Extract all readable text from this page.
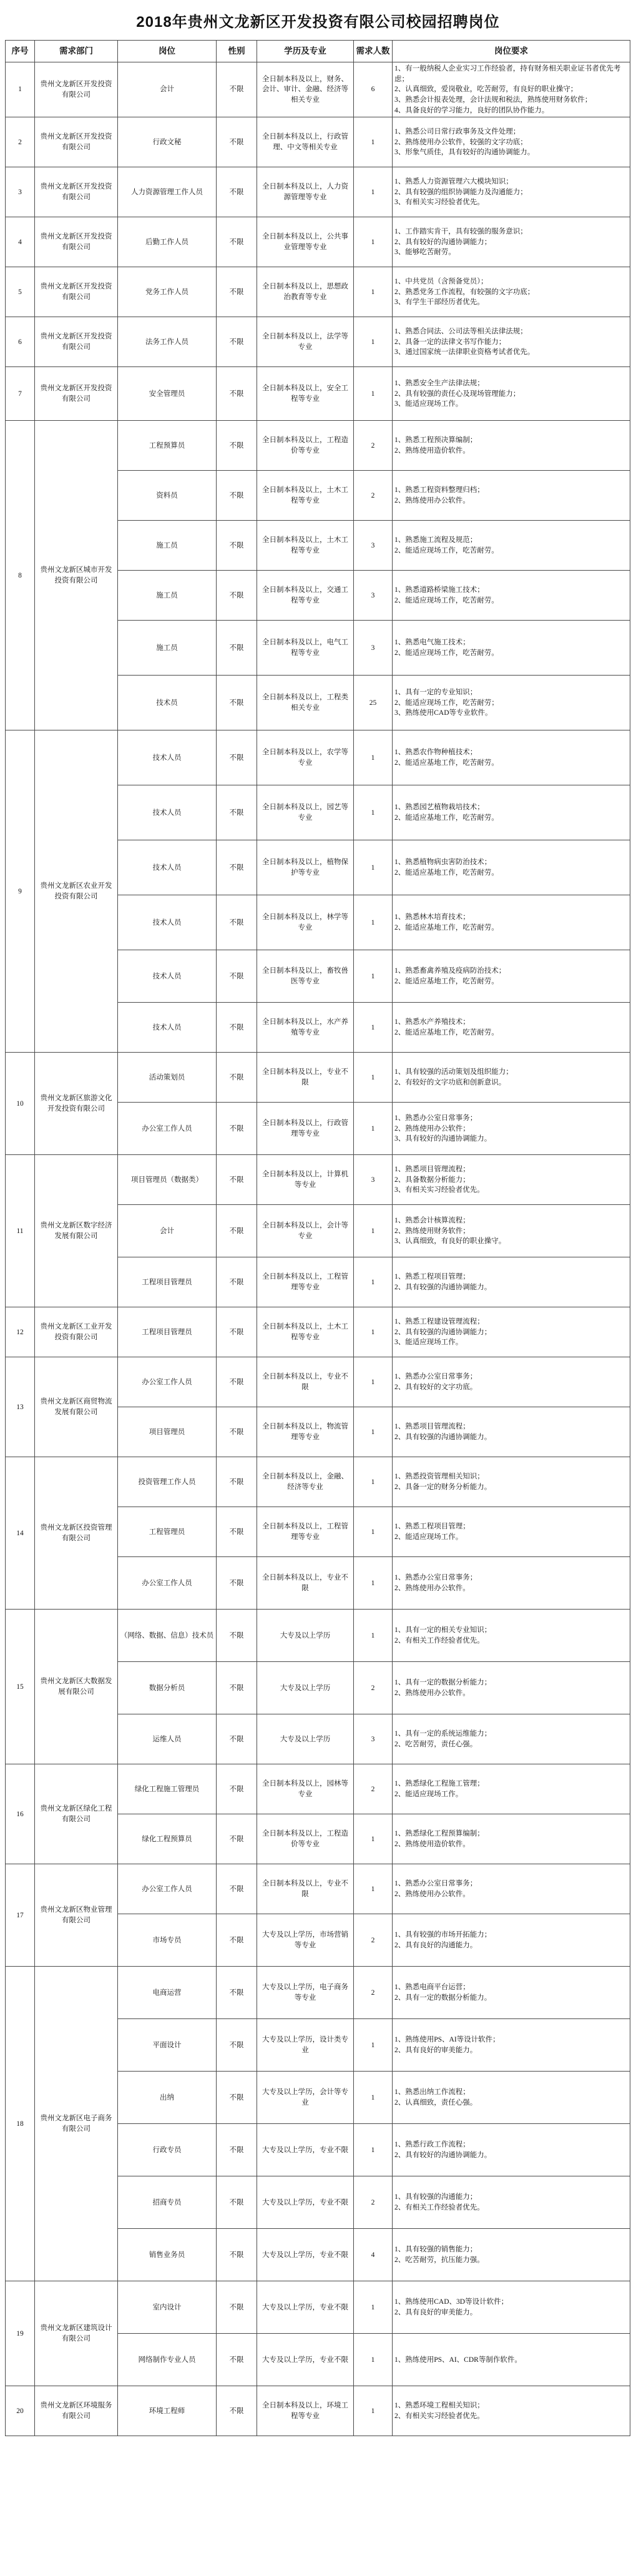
2018年贵州文龙新区开发投资有限公司校园招聘岗位
序号	需求部门	岗位	性别	学历及专业	需求人数	岗位要求
1	贵州文龙新区开发投资有限公司	会计	不限	全日制本科及以上，财务、会计、审计、金融、经济等相关专业	6	1、有一般纳税人企业实习工作经验者，持有财务相关职业证书者优先考虑；
2、认真细致，爱岗敬业，吃苦耐劳，有良好的职业操守；
3、熟悉会计报表处理，会计法规和税法，熟练使用财务软件；
4、具备良好的学习能力，良好的团队协作能力。
2	贵州文龙新区开发投资有限公司	行政文秘	不限	全日制本科及以上，行政管理、中文等相关专业	1	1、熟悉公司日常行政事务及文件处理；
2、熟练使用办公软件，较强的文字功底；
3、形象气质佳，具有较好的沟通协调能力。
3	贵州文龙新区开发投资有限公司	人力资源管理工作人员	不限	全日制本科及以上，人力资源管理等专业	1	1、熟悉人力资源管理六大模块知识；
2、具有较强的组织协调能力及沟通能力；
3、有相关实习经验者优先。
4	贵州文龙新区开发投资有限公司	后勤工作人员	不限	全日制本科及以上，公共事业管理等专业	1	1、工作踏实肯干，具有较强的服务意识；
2、具有较好的沟通协调能力；
3、能够吃苦耐劳。
5	贵州文龙新区开发投资有限公司	党务工作人员	不限	全日制本科及以上，思想政治教育等专业	1	1、中共党员（含预备党员）；
2、熟悉党务工作流程，有较强的文字功底；
3、有学生干部经历者优先。
6	贵州文龙新区开发投资有限公司	法务工作人员	不限	全日制本科及以上，法学等专业	1	1、熟悉合同法、公司法等相关法律法规；
2、具备一定的法律文书写作能力；
3、通过国家统一法律职业资格考试者优先。
7	贵州文龙新区开发投资有限公司	安全管理员	不限	全日制本科及以上，安全工程等专业	1	1、熟悉安全生产法律法规；
2、具有较强的责任心及现场管理能力；
3、能适应现场工作。
8	贵州文龙新区城市开发投资有限公司	工程预算员	不限	全日制本科及以上，工程造价等专业	2	1、熟悉工程预决算编制；
2、熟练使用造价软件。
		资料员	不限	全日制本科及以上，土木工程等专业	2	1、熟悉工程资料整理归档；
2、熟练使用办公软件。
		施工员	不限	全日制本科及以上，土木工程等专业	3	1、熟悉施工流程及规范；
2、能适应现场工作，吃苦耐劳。
		施工员	不限	全日制本科及以上，交通工程等专业	3	1、熟悉道路桥梁施工技术；
2、能适应现场工作，吃苦耐劳。
		施工员	不限	全日制本科及以上，电气工程等专业	3	1、熟悉电气施工技术；
2、能适应现场工作，吃苦耐劳。
		技术员	不限	全日制本科及以上，工程类相关专业	25	1、具有一定的专业知识；
2、能适应现场工作，吃苦耐劳；
3、熟练使用CAD等专业软件。
9	贵州文龙新区农业开发投资有限公司	技术人员	不限	全日制本科及以上，农学等专业	1	1、熟悉农作物种植技术；
2、能适应基地工作，吃苦耐劳。
		技术人员	不限	全日制本科及以上，园艺等专业	1	1、熟悉园艺植物栽培技术；
2、能适应基地工作，吃苦耐劳。
		技术人员	不限	全日制本科及以上，植物保护等专业	1	1、熟悉植物病虫害防治技术；
2、能适应基地工作，吃苦耐劳。
		技术人员	不限	全日制本科及以上，林学等专业	1	1、熟悉林木培育技术；
2、能适应基地工作，吃苦耐劳。
		技术人员	不限	全日制本科及以上，畜牧兽医等专业	1	1、熟悉畜禽养殖及疫病防治技术；
2、能适应基地工作，吃苦耐劳。
		技术人员	不限	全日制本科及以上，水产养殖等专业	1	1、熟悉水产养殖技术；
2、能适应基地工作，吃苦耐劳。
10	贵州文龙新区旅游文化开发投资有限公司	活动策划员	不限	全日制本科及以上，专业不限	1	1、具有较强的活动策划及组织能力；
2、有较好的文字功底和创新意识。
		办公室工作人员	不限	全日制本科及以上，行政管理等专业	1	1、熟悉办公室日常事务；
2、熟练使用办公软件；
3、具有较好的沟通协调能力。
11	贵州文龙新区数字经济发展有限公司	项目管理员（数据类）	不限	全日制本科及以上，计算机等专业	3	1、熟悉项目管理流程；
2、具备数据分析能力；
3、有相关实习经验者优先。
		会计	不限	全日制本科及以上，会计等专业	1	1、熟悉会计核算流程；
2、熟练使用财务软件；
3、认真细致，有良好的职业操守。
		工程项目管理员	不限	全日制本科及以上，工程管理等专业	1	1、熟悉工程项目管理；
2、具有较强的沟通协调能力。
12	贵州文龙新区工业开发投资有限公司	工程项目管理员	不限	全日制本科及以上，土木工程等专业	1	1、熟悉工程建设管理流程；
2、具有较强的沟通协调能力；
3、能适应现场工作。
13	贵州文龙新区商贸物流发展有限公司	办公室工作人员	不限	全日制本科及以上，专业不限	1	1、熟悉办公室日常事务；
2、具有较好的文字功底。
		项目管理员	不限	全日制本科及以上，物流管理等专业	1	1、熟悉项目管理流程；
2、具有较强的沟通协调能力。
14	贵州文龙新区投资管理有限公司	投资管理工作人员	不限	全日制本科及以上，金融、经济等专业	1	1、熟悉投资管理相关知识；
2、具备一定的财务分析能力。
		工程管理员	不限	全日制本科及以上，工程管理等专业	1	1、熟悉工程项目管理；
2、能适应现场工作。
		办公室工作人员	不限	全日制本科及以上，专业不限	1	1、熟悉办公室日常事务；
2、熟练使用办公软件。
15	贵州文龙新区大数据发展有限公司	（网络、数据、信息）技术员	不限	大专及以上学历	1	1、具有一定的相关专业知识；
2、有相关工作经验者优先。
		数据分析员	不限	大专及以上学历	2	1、具有一定的数据分析能力；
2、熟练使用办公软件。
		运维人员	不限	大专及以上学历	3	1、具有一定的系统运维能力；
2、吃苦耐劳，责任心强。
16	贵州文龙新区绿化工程有限公司	绿化工程施工管理员	不限	全日制本科及以上，园林等专业	2	1、熟悉绿化工程施工管理；
2、能适应现场工作。
		绿化工程预算员	不限	全日制本科及以上，工程造价等专业	1	1、熟悉绿化工程预算编制；
2、熟练使用造价软件。
17	贵州文龙新区物业管理有限公司	办公室工作人员	不限	全日制本科及以上，专业不限	1	1、熟悉办公室日常事务；
2、熟练使用办公软件。
		市场专员	不限	大专及以上学历，市场营销等专业	2	1、具有较强的市场开拓能力；
2、具有良好的沟通能力。
18	贵州文龙新区电子商务有限公司	电商运营	不限	大专及以上学历，电子商务等专业	2	1、熟悉电商平台运营；
2、具有一定的数据分析能力。
		平面设计	不限	大专及以上学历，设计类专业	1	1、熟练使用PS、AI等设计软件；
2、具有良好的审美能力。
		出纳	不限	大专及以上学历，会计等专业	1	1、熟悉出纳工作流程；
2、认真细致，责任心强。
		行政专员	不限	大专及以上学历，专业不限	1	1、熟悉行政工作流程；
2、具有较好的沟通协调能力。
		招商专员	不限	大专及以上学历，专业不限	2	1、具有较强的沟通能力；
2、有相关工作经验者优先。
		销售业务员	不限	大专及以上学历，专业不限	4	1、具有较强的销售能力；
2、吃苦耐劳，抗压能力强。
19	贵州文龙新区建筑设计有限公司	室内设计	不限	大专及以上学历，专业不限	1	1、熟练使用CAD、3D等设计软件；
2、具有良好的审美能力。
		网络制作专业人员	不限	大专及以上学历，专业不限	1	1、熟练使用PS、AI、CDR等制作软件。
20	贵州文龙新区环境服务有限公司	环境工程师	不限	全日制本科及以上，环境工程等专业	1	1、熟悉环境工程相关知识；
2、有相关实习经验者优先。
